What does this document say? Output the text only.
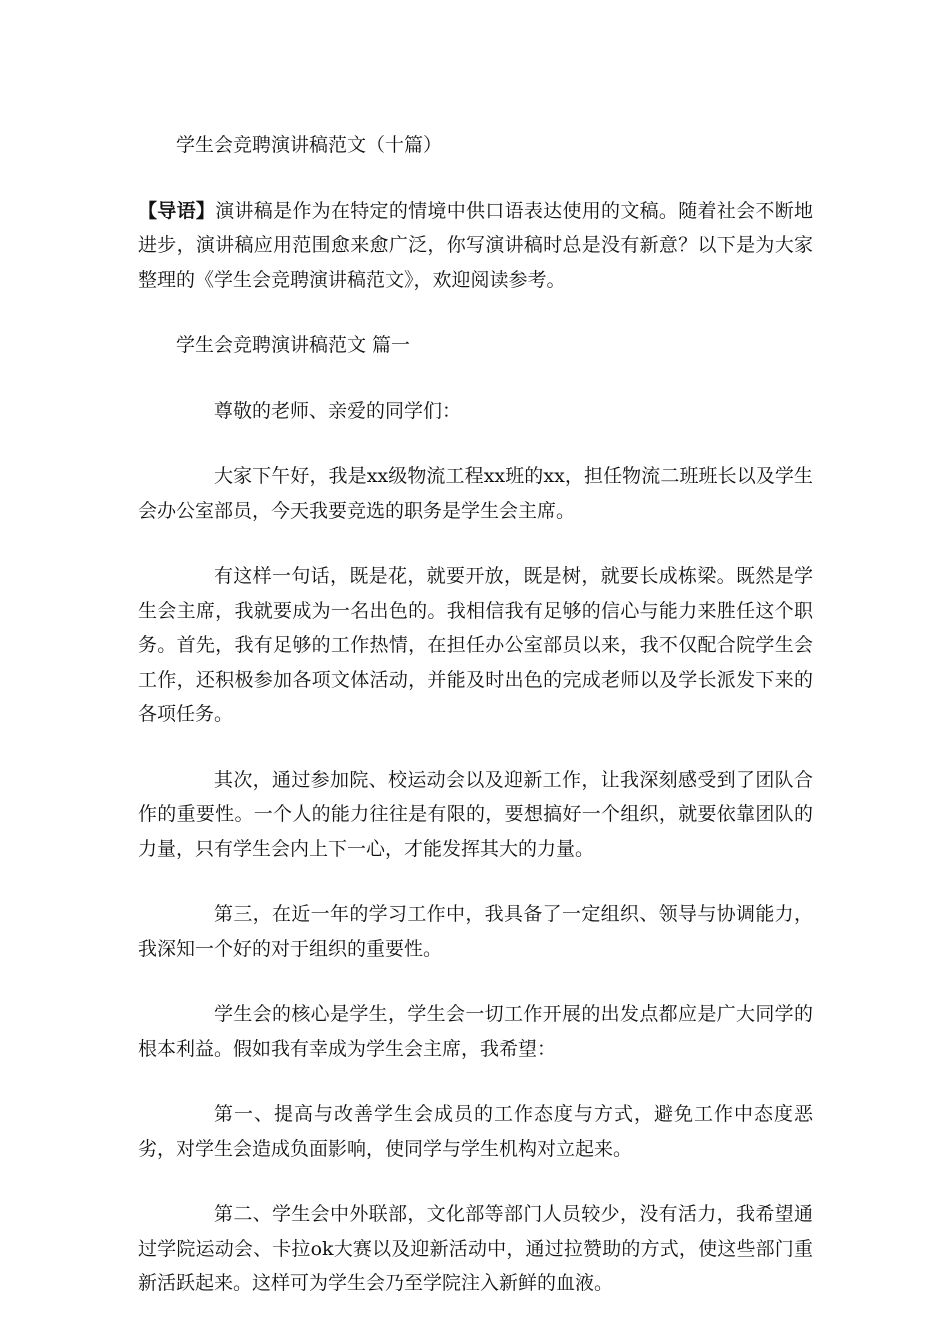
学生会竞聘演讲稿范文（十篇）

【导语】演讲稿是作为在特定的情境中供口语表达使用的文稿。随着社会不断地进步，演讲稿应用范围愈来愈广泛，你写演讲稿时总是没有新意？以下是为大家整理的《学生会竞聘演讲稿范文》，欢迎阅读参考。

学生会竞聘演讲稿范文 篇一

尊敬的老师、亲爱的同学们：

大家下午好，我是xx级物流工程xx班的xx，担任物流二班班长以及学生会办公室部员，今天我要竞选的职务是学生会主席。

有这样一句话，既是花，就要开放，既是树，就要长成栋梁。既然是学生会主席，我就要成为一名出色的。我相信我有足够的信心与能力来胜任这个职务。首先，我有足够的工作热情，在担任办公室部员以来，我不仅配合院学生会工作，还积极参加各项文体活动，并能及时出色的完成老师以及学长派发下来的各项任务。

其次，通过参加院、校运动会以及迎新工作，让我深刻感受到了团队合作的重要性。一个人的能力往往是有限的，要想搞好一个组织，就要依靠团队的力量，只有学生会内上下一心，才能发挥其大的力量。

第三，在近一年的学习工作中，我具备了一定组织、领导与协调能力，我深知一个好的对于组织的重要性。

学生会的核心是学生，学生会一切工作开展的出发点都应是广大同学的根本利益。假如我有幸成为学生会主席，我希望：

第一、提高与改善学生会成员的工作态度与方式，避免工作中态度恶劣，对学生会造成负面影响，使同学与学生机构对立起来。

第二、学生会中外联部，文化部等部门人员较少，没有活力，我希望通过学院运动会、卡拉ok大赛以及迎新活动中，通过拉赞助的方式，使这些部门重新活跃起来。这样可为学生会乃至学院注入新鲜的血液。
